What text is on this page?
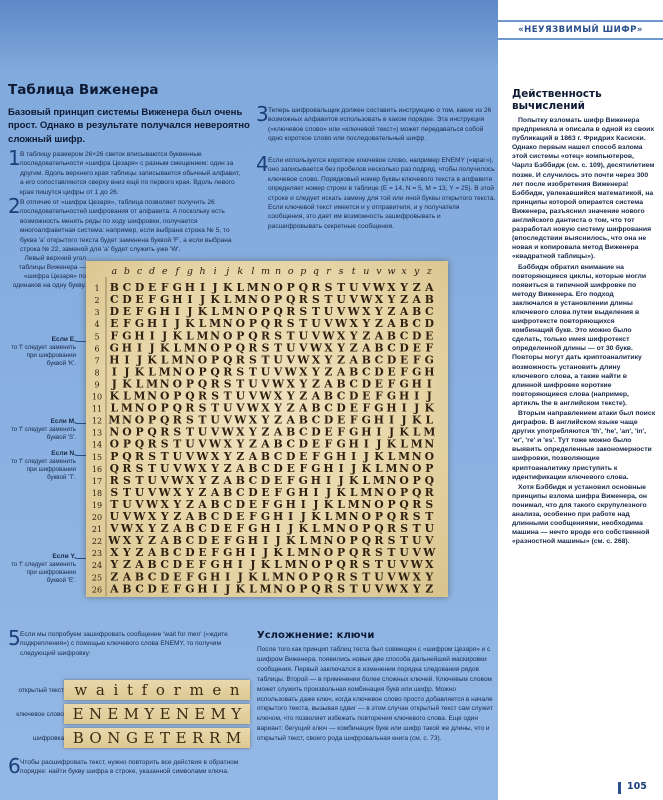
«НЕУЯЗВИМЫЙ ШИФР»
Таблица Виженера
Базовый принцип системы Виженера был очень прост. Однако в результате получался невероятно сложный шифр.
1 В таблицу размером 26×26 светок вписываются буквенные последовательности «шифра Цезаря» с разным смещением: один за другим. Вдоль верхнего края таблицы записывается обычный алфавит, а его сопоставляются сверху вниз ещё по первого края. Вдоль левого края пишутся цифры от 1 до 26.
2 В отличие от «шифра Цезаря», таблица позволяет получить 26 последовательностей шифрования от алфавита. А поскольку есть возможность менять ряды по ходу шифровки, получается многоалфавитная система: например, если выбрана строка № 5, то буква 'a' открытого текста будет заменена буквой 'F', а если выбрана строка № 22, заменой для 'a' будет служить уже 'W'.
3 Теперь шифровальщик должен составить инструкцию о том, какие из 26 возможных алфавитов использовать в каком порядке. Эта инструкция («ключевое слово» или «ключевой текст») может передаваться собой одно короткое слово или последовательный шифр.
4 Если используется короткое ключевое слово, например ENEMY («враг»), оно записывается без пробелов несколько раз подряд, чтобы получилось ключевое слово. Порядковый номер буквы ключевого текста в алфавите определяет номер строки в таблице (E = 14, N = 5, M = 13, Y = 25). В этой строке и следует искать замену для той или иной буквы открытого текста. Если ключевой текст имеется и у отправителя, и у получателя сообщения, это дает им возможность зашифровывать и расшифровывать секретные сообщения.
Левый верхний угол таблицы Виженера — «шифра Цезаря» по одинаков на одну букву.
Если E,
то 'f' следует заменить при шифровании буквой 'K'.
Если M,
то 'f' следует заменить буквой 'S'.
Если N,
то 'f' следует заменить при шифровании буквой 'T'.
Если Y,
то 'f' следует заменить при шифровании буквой 'E'.
a b c d e f g h i j k l m n o p q r s t u v w x y z
1 B C D E F G H I J K L M N O P Q R S T U V W X Y Z A
2 C D E F G H I J K L M N O P Q R S T U V W X Y Z A B
3 D E F G H I J K L M N O P Q R S T U V W X Y Z A B C
4 E F G H I J K L M N O P Q R S T U V W X Y Z A B C D
5 F G H I J K L M N O P Q R S T U V W X Y Z A B C D E
6 G H I J K L M N O P Q R S T U V W X Y Z A B C D E F
7 H I J K L M N O P Q R S T U V W X Y Z A B C D E F G
8 I J K L M N O P Q R S T U V W X Y Z A B C D E F G H
9 J K L M N O P Q R S T U V W X Y Z A B C D E F G H I
10 K L M N O P Q R S T U V W X Y Z A B C D E F G H I J
11 L M N O P Q R S T U V W X Y Z A B C D E F G H I J K
12 M N O P Q R S T U V W X Y Z A B C D E F G H I J K L
13 N O P Q R S T U V W X Y Z A B C D E F G H I J K L M
14 O P Q R S T U V W X Y Z A B C D E F G H I J K L M N
15 P Q R S T U V W X Y Z A B C D E F G H I J K L M N O
16 Q R S T U V W X Y Z A B C D E F G H I J K L M N O P
17 R S T U V W X Y Z A B C D E F G H I J K L M N O P Q
18 S T U V W X Y Z A B C D E F G H I J K L M N O P Q R
19 T U V W X Y Z A B C D E F G H I J K L M N O P Q R S
20 U V W X Y Z A B C D E F G H I J K L M N O P Q R S T
21 V W X Y Z A B C D E F G H I J K L M N O P Q R S T U
22 W X Y Z A B C D E F G H I J K L M N O P Q R S T U V
23 X Y Z A B C D E F G H I J K L M N O P Q R S T U V W
24 Y Z A B C D E F G H I J K L M N O P Q R S T U V W X
25 Z A B C D E F G H I J K L M N O P Q R S T U V W X Y
26 A B C D E F G H I J K L M N O P Q R S T U V W X Y Z
5 Если мы попробуем зашифровать сообщение 'wait for men' («ждите подкрепления») с помощью ключевого слова ENEMY, то получим следующий шифровку:
открытый текст w a i t f o r m e n
ключевое слово E N E M Y E N E M Y
шифровка B O N G E T E R R M
6 Чтобы расшифровать текст, нужно повторить все действия в обратном порядке: найти букву шифра в строке, указанной символами ключа.
Усложнение: ключи
После того как принцип таблиц теста был совмещен с «шифром Цезаря» и с шифром Виженера, появились новые две способа дальнейшей маскировки сообщения. Первый заключался в изменении порядка следования рядов таблицы. Второй — в применении более сложных ключей. Ключевым словом может служить произвольная комбинация букв или шифр. Можно использовать даже ключ, когда ключевое слово просто добавляется в начале открытого текста, вызывая сдвиг — в этом случае открытый текст сам служит ключом, что позволяет избежать повторения ключевого слова. Еще один вариант: бегущий ключ — комбинация букв или шифр такой же длины, что и открытый текст, своего рода шифровальная книга (см. с. 73).
Действенность вычислений

Попытку взломать шифр Виженера предприняла и описала в одной из своих публикаций в 1863 г. Фридрих Касиски. Однако первым нашел способ взлома этой системы «отец» компьютеров, Чарлз Бэббидж (см. с. 109), десятилетием позже. И случилось это почти через 300 лет после изобретения Виженера! Бэббидж, увлекавшийся математикой, на принципы которой опирается система Виженера, разъяснил значение нового английского дантиста о том, что тот разработал новую систему шифрования (впоследствии выяснилось, что она не новая и копировала метод Виженера «квадратной таблицы»).

Бэббидж обратил внимание на повторяющиеся циклы, которые могли появиться в типичной шифровке по методу Виженера. Его подход заключался в установлении длины ключевого слова путем выделения в шифротексте повторяющихся комбинаций букв. Это можно было сделать, только имея шифротекст определенной длины — от 30 букв. Повторы могут дать криптоаналитику возможность установить длину ключевого слова, а также найти в длинной шифровке короткие повторяющиеся слова (например, артикль the в английском тексте).

Вторым направлением атаки был поиск диграфов. В английском языке чаще других употребляются 'th', 'he', 'an', 'in', 'er', 're' и 'es'. Тут тоже можно было выявить определенные закономерности шифровки, позволяющие криптоаналитику приступить к идентификации ключевого слова.

Хотя Бэббидж и установил основные принципы взлома шифра Виженера, он понимал, что для такого скрупулезного анализа, особенно при работе над длинными сообщениями, необходима машина — нечто вроде его собственной «разностной машины» (см. с. 268).

105
